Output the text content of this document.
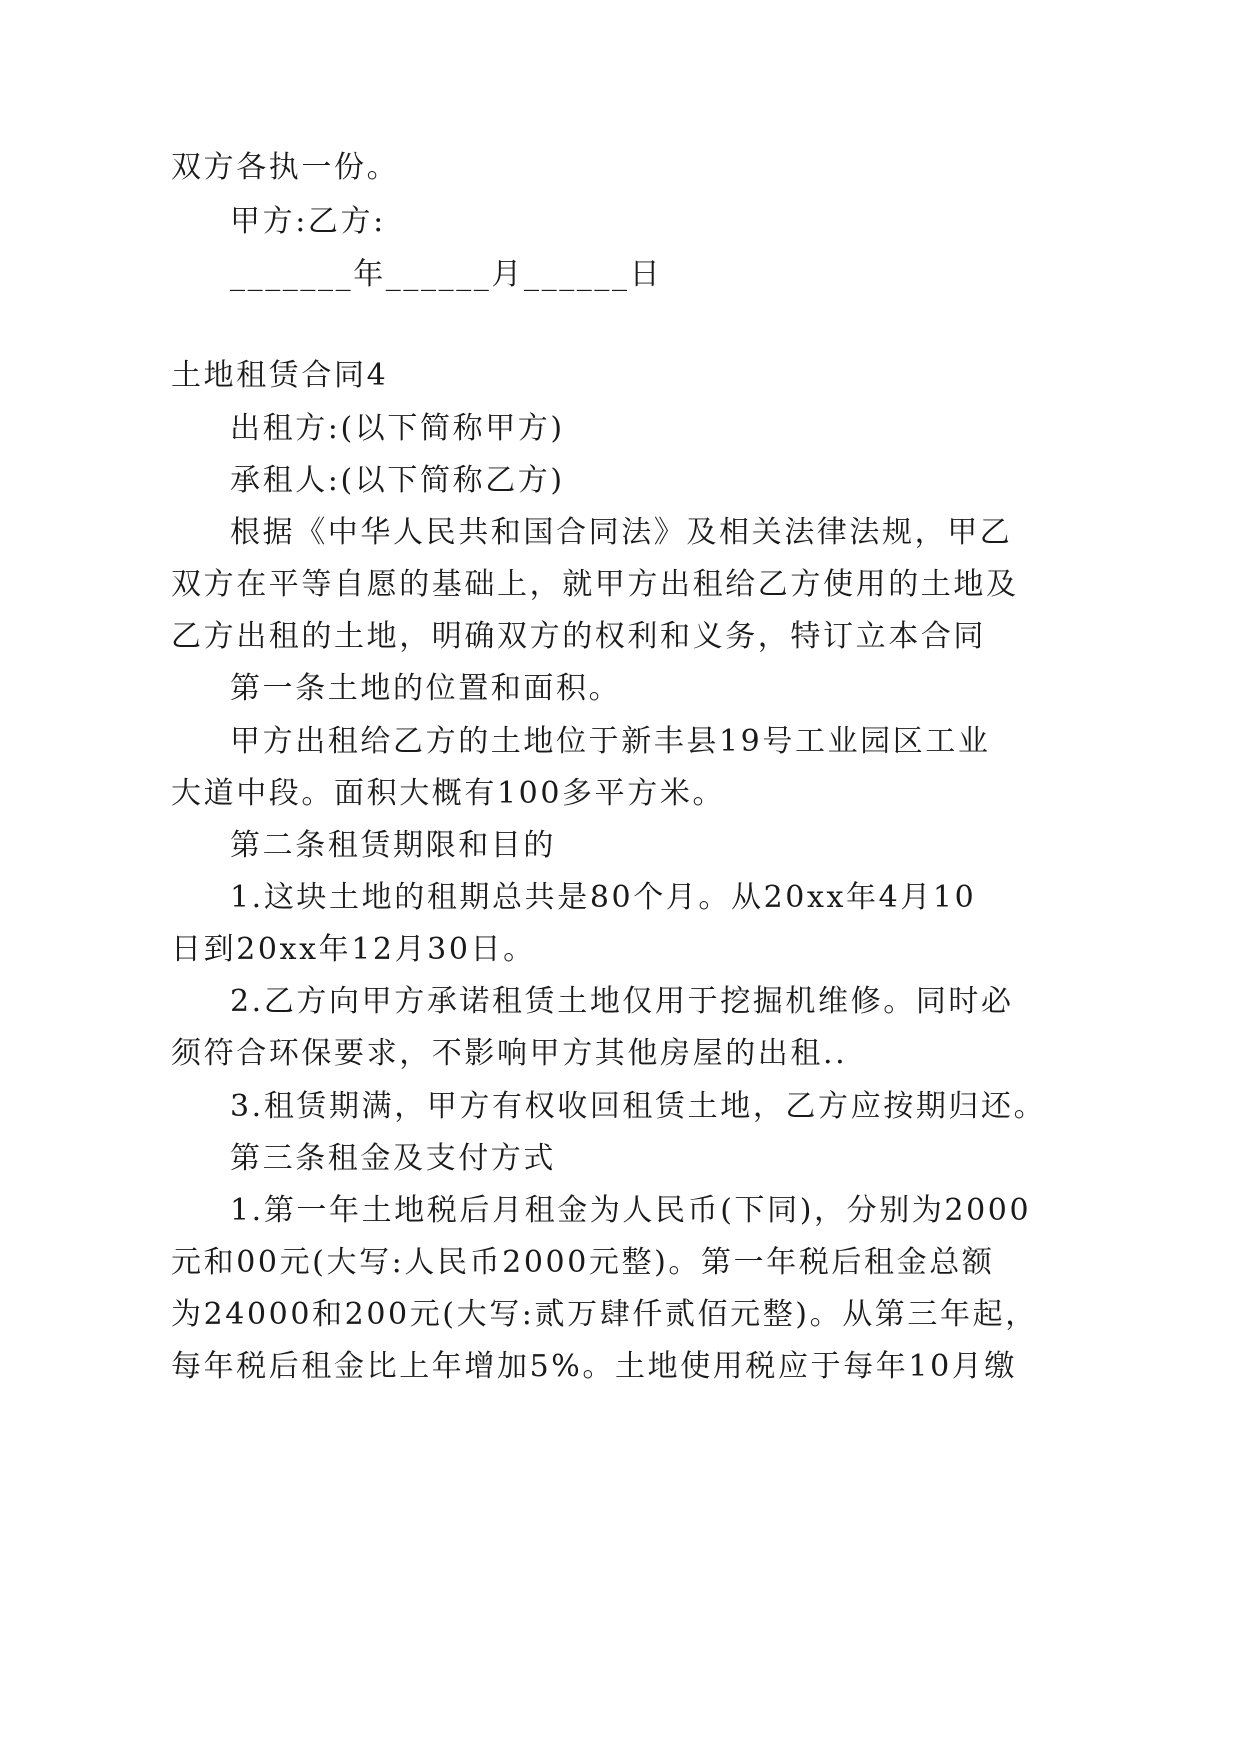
双方各执一份。
甲方:乙方:
_______年______月______日
土地租赁合同4
出租方:(以下简称甲方)
承租人:(以下简称乙方)
根据《中华人民共和国合同法》及相关法律法规，甲乙
双方在平等自愿的基础上，就甲方出租给乙方使用的土地及
乙方出租的土地，明确双方的权利和义务，特订立本合同
第一条土地的位置和面积。
甲方出租给乙方的土地位于新丰县19号工业园区工业
大道中段。面积大概有100多平方米。
第二条租赁期限和目的
1.这块土地的租期总共是80个月。从20xx年4月10
日到20xx年12月30日。
2.乙方向甲方承诺租赁土地仅用于挖掘机维修。同时必
须符合环保要求，不影响甲方其他房屋的出租..
3.租赁期满，甲方有权收回租赁土地，乙方应按期归还。
第三条租金及支付方式
1.第一年土地税后月租金为人民币(下同)，分别为2000
元和00元(大写:人民币2000元整)。第一年税后租金总额
为24000和200元(大写:贰万肆仟贰佰元整)。从第三年起，
每年税后租金比上年增加5%。土地使用税应于每年10月缴
